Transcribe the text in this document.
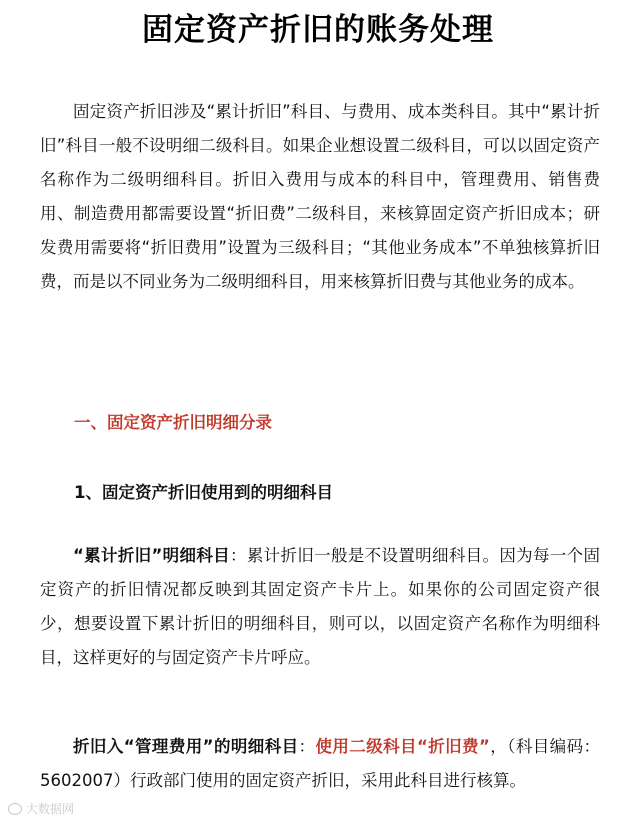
固定资产折旧的账务处理

固定资产折旧涉及“累计折旧”科目、与费用、成本类科目。其中“累计折旧”科目一般不设明细二级科目。如果企业想设置二级科目，可以以固定资产名称作为二级明细科目。折旧入费用与成本的科目中，管理费用、销售费用、制造费用都需要设置“折旧费”二级科目，来核算固定资产折旧成本；研发费用需要将“折旧费用”设置为三级科目；“其他业务成本”不单独核算折旧费，而是以不同业务为二级明细科目，用来核算折旧费与其他业务的成本。

一、固定资产折旧明细分录
1、固定资产折旧使用到的明细科目

“累计折旧”明细科目：累计折旧一般是不设置明细科目。因为每一个固定资产的折旧情况都反映到其固定资产卡片上。如果你的公司固定资产很少，想要设置下累计折旧的明细科目，则可以，以固定资产名称作为明细科目，这样更好的与固定资产卡片呼应。

折旧入“管理费用”的明细科目：使用二级科目“折旧费”，（科目编码：5602007）行政部门使用的固定资产折旧，采用此科目进行核算。

大数据网
